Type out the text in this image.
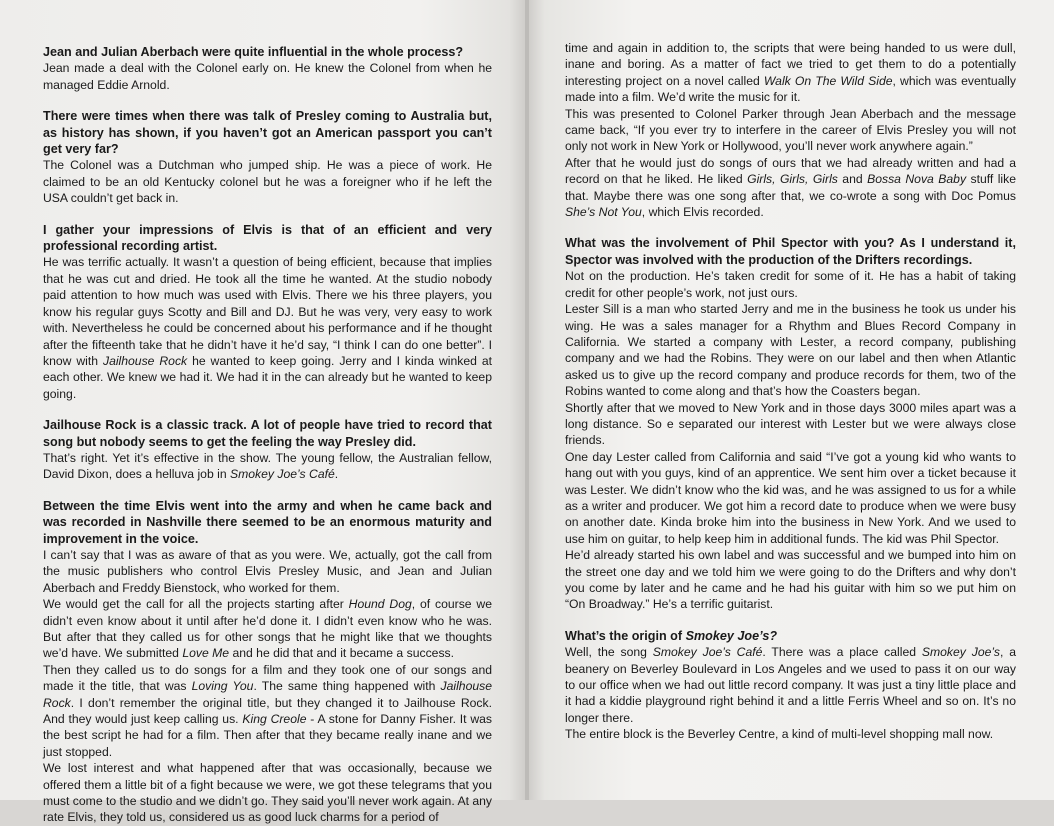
Jean and Julian Aberbach were quite influential in the whole process?

Jean made a deal with the Colonel early on. He knew the Colonel from when he managed Eddie Arnold.

There were times when there was talk of Presley coming to Australia but, as history has shown, if you haven’t got an American passport you can’t get very far?

The Colonel was a Dutchman who jumped ship. He was a piece of work. He claimed to be an old Kentucky colonel but he was a foreigner who if he left the USA couldn’t get back in.

I gather your impressions of Elvis is that of an efficient and very professional recording artist.

He was terrific actually. It wasn’t a question of being efficient, because that implies that he was cut and dried. He took all the time he wanted. At the studio nobody paid attention to how much was used with Elvis. There we his three players, you know his regular guys Scotty and Bill and DJ. But he was very, very easy to work with. Nevertheless he could be concerned about his performance and if he thought after the fifteenth take that he didn’t have it he’d say, “I think I can do one better”. I know with Jailhouse Rock he wanted to keep going. Jerry and I kinda winked at each other. We knew we had it. We had it in the can already but he wanted to keep going.

Jailhouse Rock is a classic track. A lot of people have tried to record that song but nobody seems to get the feeling the way Presley did.

That’s right. Yet it’s effective in the show. The young fellow, the Australian fellow, David Dixon, does a helluva job in Smokey Joe’s Café.

Between the time Elvis went into the army and when he came back and was recorded in Nashville there seemed to be an enormous maturity and improvement in the voice.

I can’t say that I was as aware of that as you were. We, actually, got the call from the music publishers who control Elvis Presley Music, and Jean and Julian Aberbach and Freddy Bienstock, who worked for them.

We would get the call for all the projects starting after Hound Dog, of course we didn’t even know about it until after he’d done it. I didn’t even know who he was. But after that they called us for other songs that he might like that we thoughts we’d have. We submitted Love Me and he did that and it became a success.

Then they called us to do songs for a film and they took one of our songs and made it the title, that was Loving You. The same thing happened with Jailhouse Rock. I don’t remember the original title, but they changed it to Jailhouse Rock. And they would just keep calling us. King Creole - A stone for Danny Fisher. It was the best script he had for a film. Then after that they became really inane and we just stopped.

We lost interest and what happened after that was occasionally, because we offered them a little bit of a fight because we were, we got these telegrams that you must come to the studio and we didn’t go. They said you’ll never work again. At any rate Elvis, they told us, considered us as good luck charms for a period of

time and again in addition to, the scripts that were being handed to us were dull, inane and boring. As a matter of fact we tried to get them to do a potentially interesting project on a novel called Walk On The Wild Side, which was eventually made into a film. We’d write the music for it.

This was presented to Colonel Parker through Jean Aberbach and the message came back, “If you ever try to interfere in the career of Elvis Presley you will not only not work in New York or Hollywood, you’ll never work anywhere again.”

After that he would just do songs of ours that we had already written and had a record on that he liked. He liked Girls, Girls, Girls and Bossa Nova Baby stuff like that. Maybe there was one song after that, we co-wrote a song with Doc Pomus She’s Not You, which Elvis recorded.

What was the involvement of Phil Spector with you? As I understand it, Spector was involved with the production of the Drifters recordings.

Not on the production. He’s taken credit for some of it. He has a habit of taking credit for other people’s work, not just ours.

Lester Sill is a man who started Jerry and me in the business he took us under his wing. He was a sales manager for a Rhythm and Blues Record Company in California. We started a company with Lester, a record company, publishing company and we had the Robins. They were on our label and then when Atlantic asked us to give up the record company and produce records for them, two of the Robins wanted to come along and that’s how the Coasters began.

Shortly after that we moved to New York and in those days 3000 miles apart was a long distance. So e separated our interest with Lester but we were always close friends.

One day Lester called from California and said “I’ve got a young kid who wants to hang out with you guys, kind of an apprentice. We sent him over a ticket because it was Lester. We didn’t know who the kid was, and he was assigned to us for a while as a writer and producer. We got him a record date to produce when we were busy on another date. Kinda broke him into the business in New York. And we used to use him on guitar, to help keep him in additional funds. The kid was Phil Spector.

He’d already started his own label and was successful and we bumped into him on the street one day and we told him we were going to do the Drifters and why don’t you come by later and he came and he had his guitar with him so we put him on “On Broadway.” He’s a terrific guitarist.

What’s the origin of Smokey Joe’s?

Well, the song Smokey Joe’s Café. There was a place called Smokey Joe’s, a beanery on Beverley Boulevard in Los Angeles and we used to pass it on our way to our office when we had out little record company. It was just a tiny little place and it had a kiddie playground right behind it and a little Ferris Wheel and so on. It’s no longer there.

The entire block is the Beverley Centre, a kind of multi-level shopping mall now.
